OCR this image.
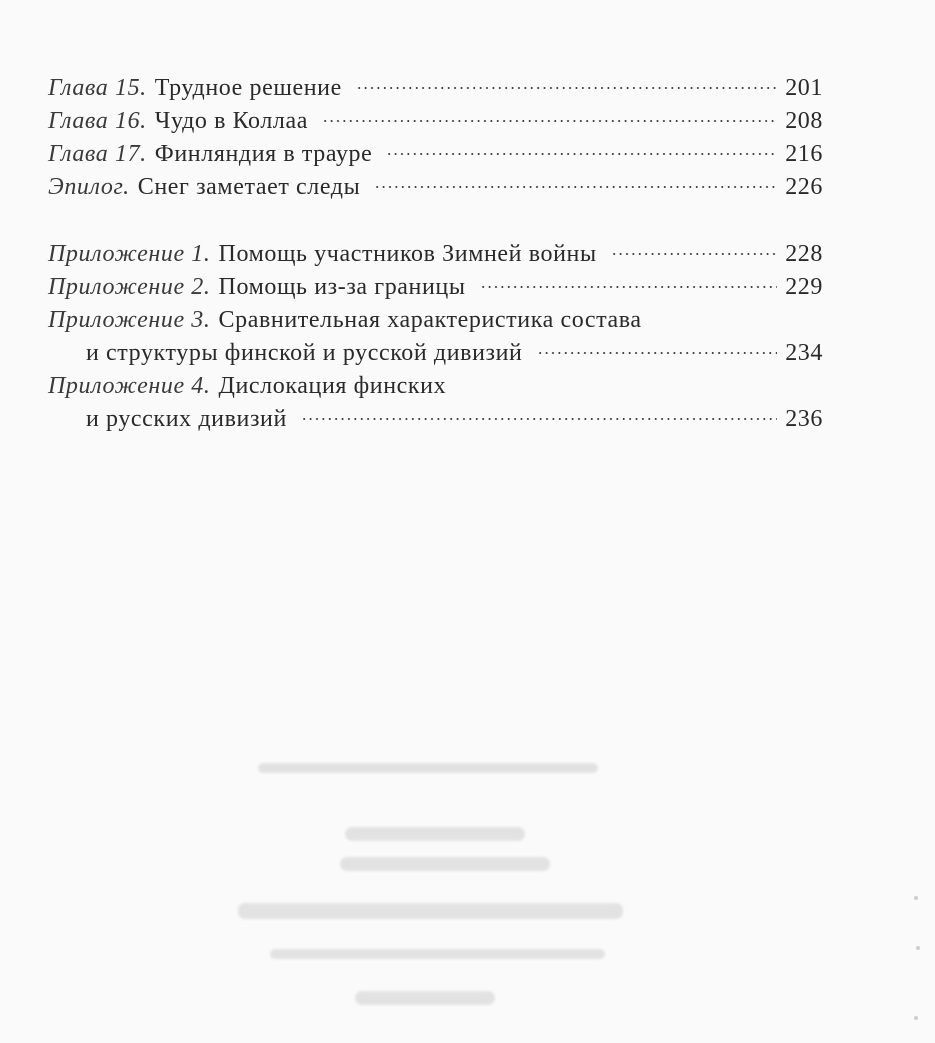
Глава 15. Трудное решение	201
Глава 16. Чудо в Коллаа	208
Глава 17. Финляндия в трауре	216
Эпилог. Снег заметает следы	226
Приложение 1. Помощь участников Зимней войны	228
Приложение 2. Помощь из-за границы	229
Приложение 3. Сравнительная характеристика состава
и структуры финской и русской дивизий	234
Приложение 4. Дислокация финских
и русских дивизий	236
